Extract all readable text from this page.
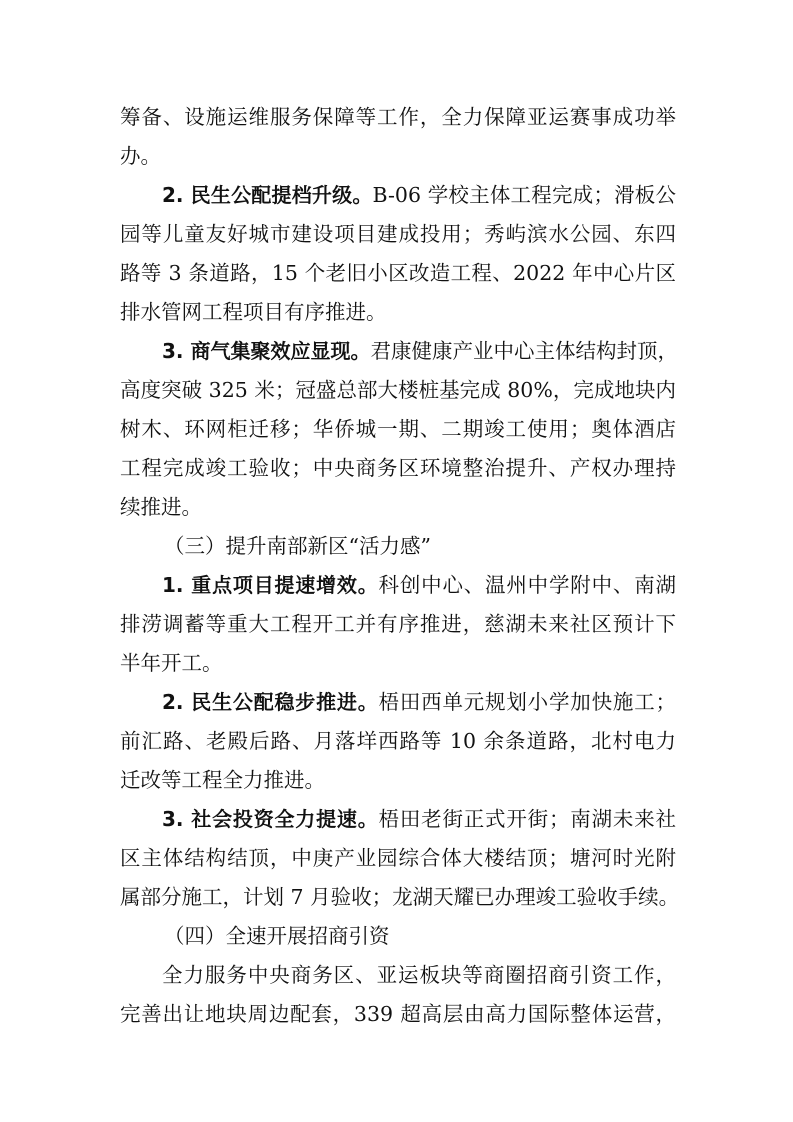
筹备、设施运维服务保障等工作，全力保障亚运赛事成功举
办。
2. 民生公配提档升级。B-06 学校主体工程完成；滑板公
园等儿童友好城市建设项目建成投用；秀屿滨水公园、东四
路等 3 条道路，15 个老旧小区改造工程、2022 年中心片区
排水管网工程项目有序推进。
3. 商气集聚效应显现。君康健康产业中心主体结构封顶，
高度突破 325 米；冠盛总部大楼桩基完成 80%，完成地块内
树木、环网柜迁移；华侨城一期、二期竣工使用；奥体酒店
工程完成竣工验收；中央商务区环境整治提升、产权办理持
续推进。
（三）提升南部新区“活力感”
1. 重点项目提速增效。科创中心、温州中学附中、南湖
排涝调蓄等重大工程开工并有序推进，慈湖未来社区预计下
半年开工。
2. 民生公配稳步推进。梧田西单元规划小学加快施工；
前汇路、老殿后路、月落垟西路等 10 余条道路，北村电力
迁改等工程全力推进。
3. 社会投资全力提速。梧田老街正式开街；南湖未来社
区主体结构结顶，中庚产业园综合体大楼结顶；塘河时光附
属部分施工，计划 7 月验收；龙湖天耀已办理竣工验收手续。
（四）全速开展招商引资
全力服务中央商务区、亚运板块等商圈招商引资工作，
完善出让地块周边配套，339 超高层由高力国际整体运营，
